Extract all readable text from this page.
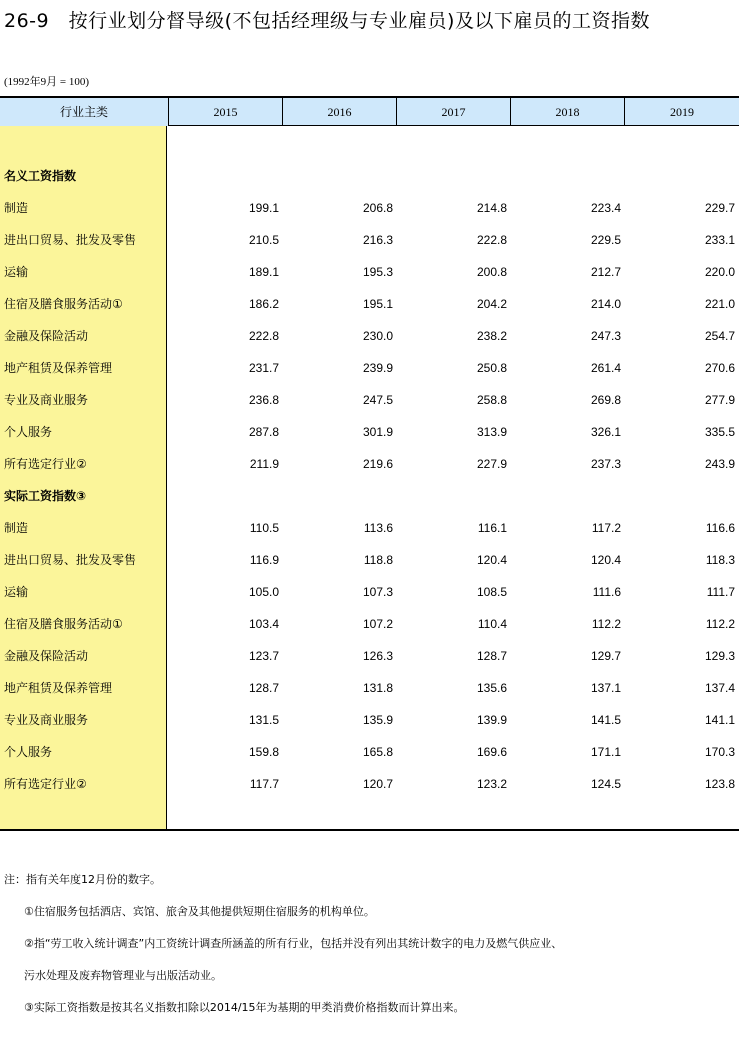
26-9　按行业划分督导级(不包括经理级与专业雇员)及以下雇员的工资指数
(1992年9月 = 100)
行业主类	2015	2016	2017	2018	2019
名义工资指数
制造	199.1	206.8	214.8	223.4	229.7
进出口贸易、批发及零售	210.5	216.3	222.8	229.5	233.1
运输	189.1	195.3	200.8	212.7	220.0
住宿及膳食服务活动①	186.2	195.1	204.2	214.0	221.0
金融及保险活动	222.8	230.0	238.2	247.3	254.7
地产租赁及保养管理	231.7	239.9	250.8	261.4	270.6
专业及商业服务	236.8	247.5	258.8	269.8	277.9
个人服务	287.8	301.9	313.9	326.1	335.5
所有选定行业②	211.9	219.6	227.9	237.3	243.9
实际工资指数③
制造	110.5	113.6	116.1	117.2	116.6
进出口贸易、批发及零售	116.9	118.8	120.4	120.4	118.3
运输	105.0	107.3	108.5	111.6	111.7
住宿及膳食服务活动①	103.4	107.2	110.4	112.2	112.2
金融及保险活动	123.7	126.3	128.7	129.7	129.3
地产租赁及保养管理	128.7	131.8	135.6	137.1	137.4
专业及商业服务	131.5	135.9	139.9	141.5	141.1
个人服务	159.8	165.8	169.6	171.1	170.3
所有选定行业②	117.7	120.7	123.2	124.5	123.8
注：指有关年度12月份的数字。
①住宿服务包括酒店、宾馆、旅舍及其他提供短期住宿服务的机构单位。
②指“劳工收入统计调查”内工资统计调查所涵盖的所有行业，包括并没有列出其统计数字的电力及燃气供应业、
污水处理及废弃物管理业与出版活动业。
③实际工资指数是按其名义指数扣除以2014/15年为基期的甲类消费价格指数而计算出来。
